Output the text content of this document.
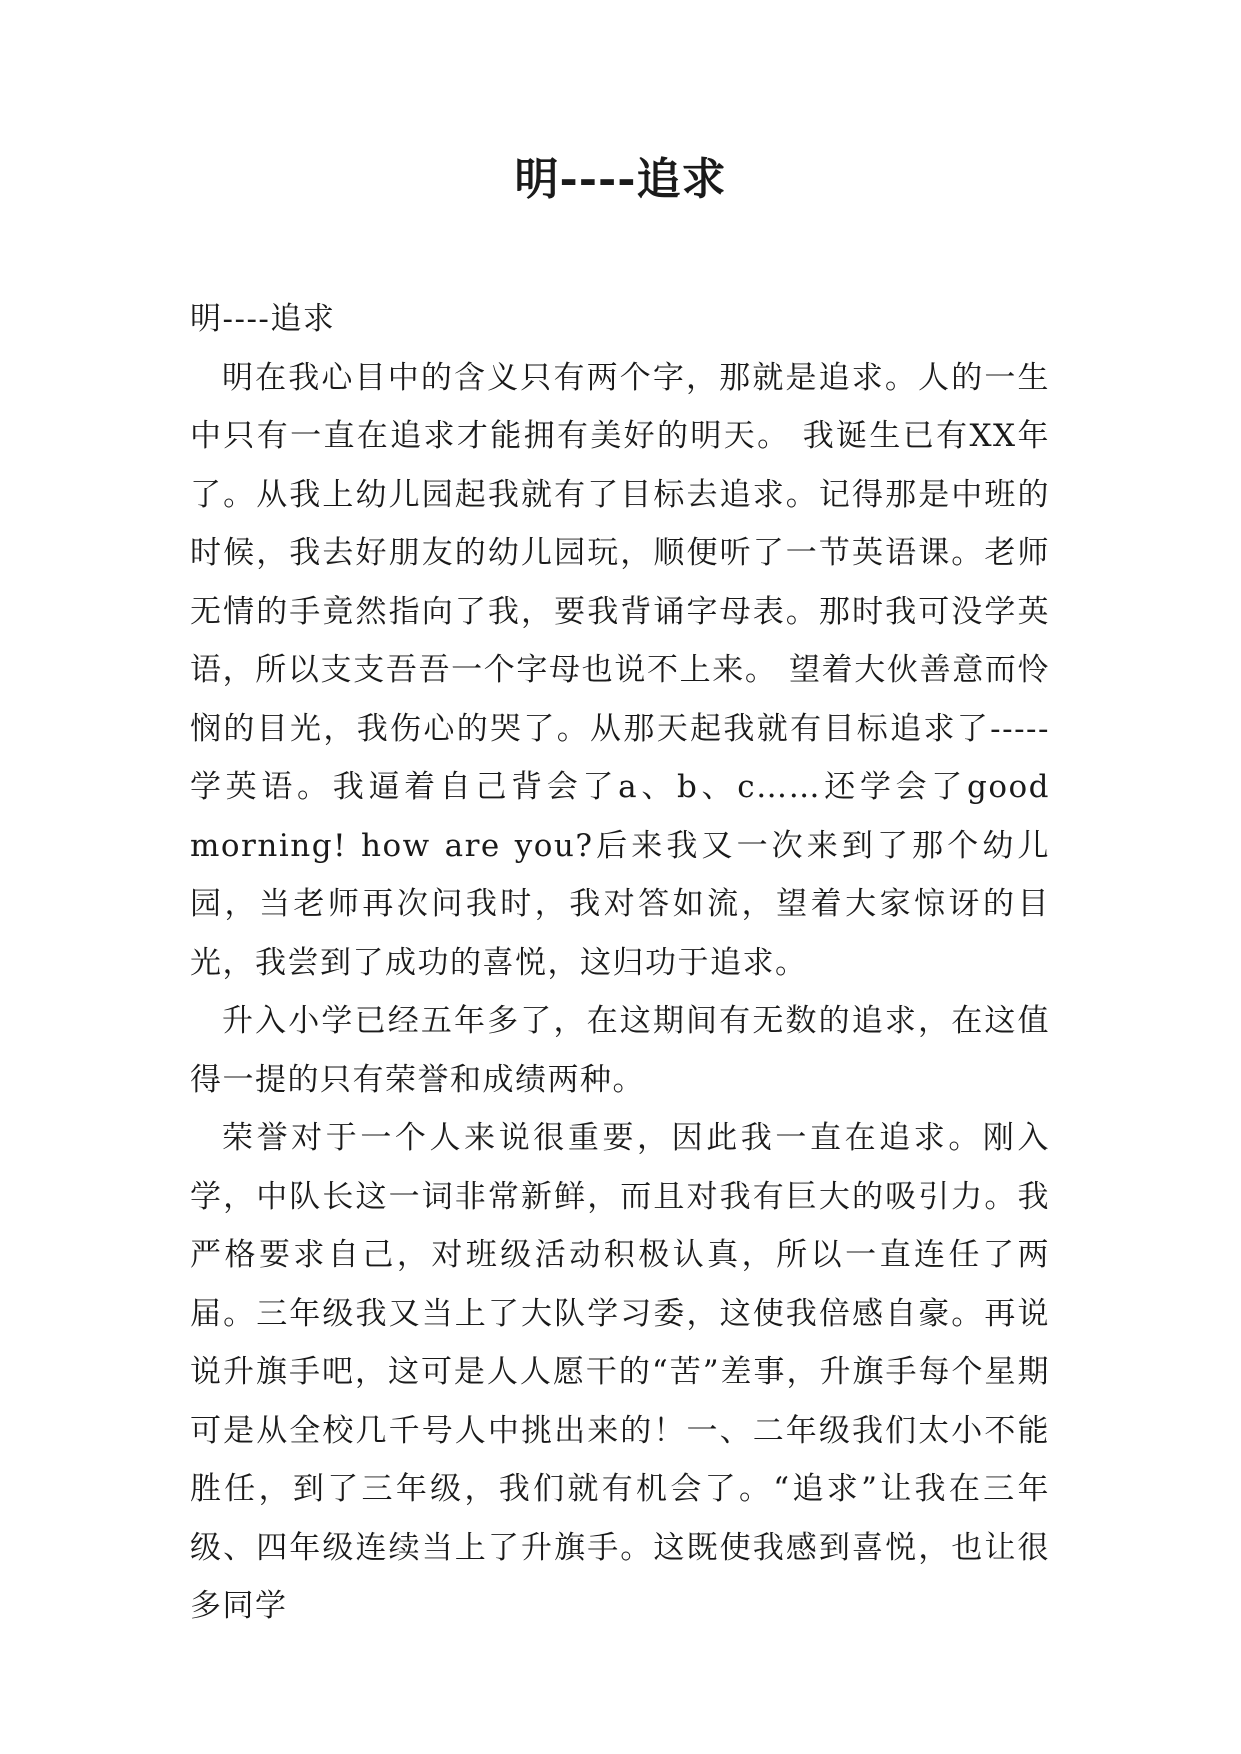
明----追求

明----追求

明在我心目中的含义只有两个字，那就是追求。人的一生中只有一直在追求才能拥有美好的明天。 我诞生已有XX年了。从我上幼儿园起我就有了目标去追求。记得那是中班的时候，我去好朋友的幼儿园玩，顺便听了一节英语课。老师无情的手竟然指向了我，要我背诵字母表。那时我可没学英语，所以支支吾吾一个字母也说不上来。 望着大伙善意而怜悯的目光，我伤心的哭了。从那天起我就有目标追求了-----学英语。我逼着自己背会了a、b、c……还学会了good morning! how are you?后来我又一次来到了那个幼儿园，当老师再次问我时，我对答如流，望着大家惊讶的目光，我尝到了成功的喜悦，这归功于追求。

升入小学已经五年多了，在这期间有无数的追求，在这值得一提的只有荣誉和成绩两种。

荣誉对于一个人来说很重要，因此我一直在追求。刚入学，中队长这一词非常新鲜，而且对我有巨大的吸引力。我严格要求自己，对班级活动积极认真，所以一直连任了两届。三年级我又当上了大队学习委，这使我倍感自豪。再说说升旗手吧，这可是人人愿干的“苦”差事，升旗手每个星期可是从全校几千号人中挑出来的！一、二年级我们太小不能胜任，到了三年级，我们就有机会了。“追求”让我在三年级、四年级连续当上了升旗手。这既使我感到喜悦，也让很多同学
